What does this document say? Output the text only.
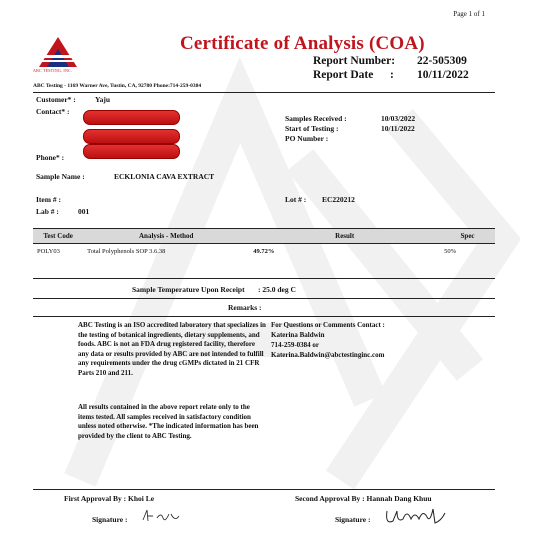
Page 1 of 1
ABC TESTING, INC.
Certificate of Analysis (COA)
Report Number: 22-505309
Report Date : 10/11/2022
ABC Testing - 1169 Warner Ave, Tustin, CA, 92780 Phone:714-259-0384
Customer* :	Yaju
Contact* :
Phone* :
Samples Received :	10/03/2022
Start of Testing :	10/11/2022
PO Number :
Sample Name :	ECKLONIA CAVA EXTRACT
Item # :
Lab # :	001
Lot # : EC220212
Test Code	Analysis - Method	Result	Spec
POLY03	Total Polyphenols SOP 3.6.38	49.72%	50%
Sample Temperature Upon Receipt : 25.0 deg C
Remarks :
ABC Testing is an ISO accredited laboratory that specializes in the testing of botanical ingredients, dietary supplements, and foods. ABC is not an FDA drug registered facility, therefore any data or results provided by ABC are not intended to fulfill any requirements under the drug cGMPs dictated in 21 CFR Parts 210 and 211.
All results contained in the above report relate only to the items tested. All samples received in satisfactory condition unless noted otherwise. *The indicated information has been provided by the client to ABC Testing.
For Questions or Comments Contact :
Katerina Baldwin
714-259-0384 or
Katerina.Baldwin@abctestinginc.com
First Approval By : Khoi Le	Second Approval By : Hannah Dang Khuu
Signature :	Signature :
